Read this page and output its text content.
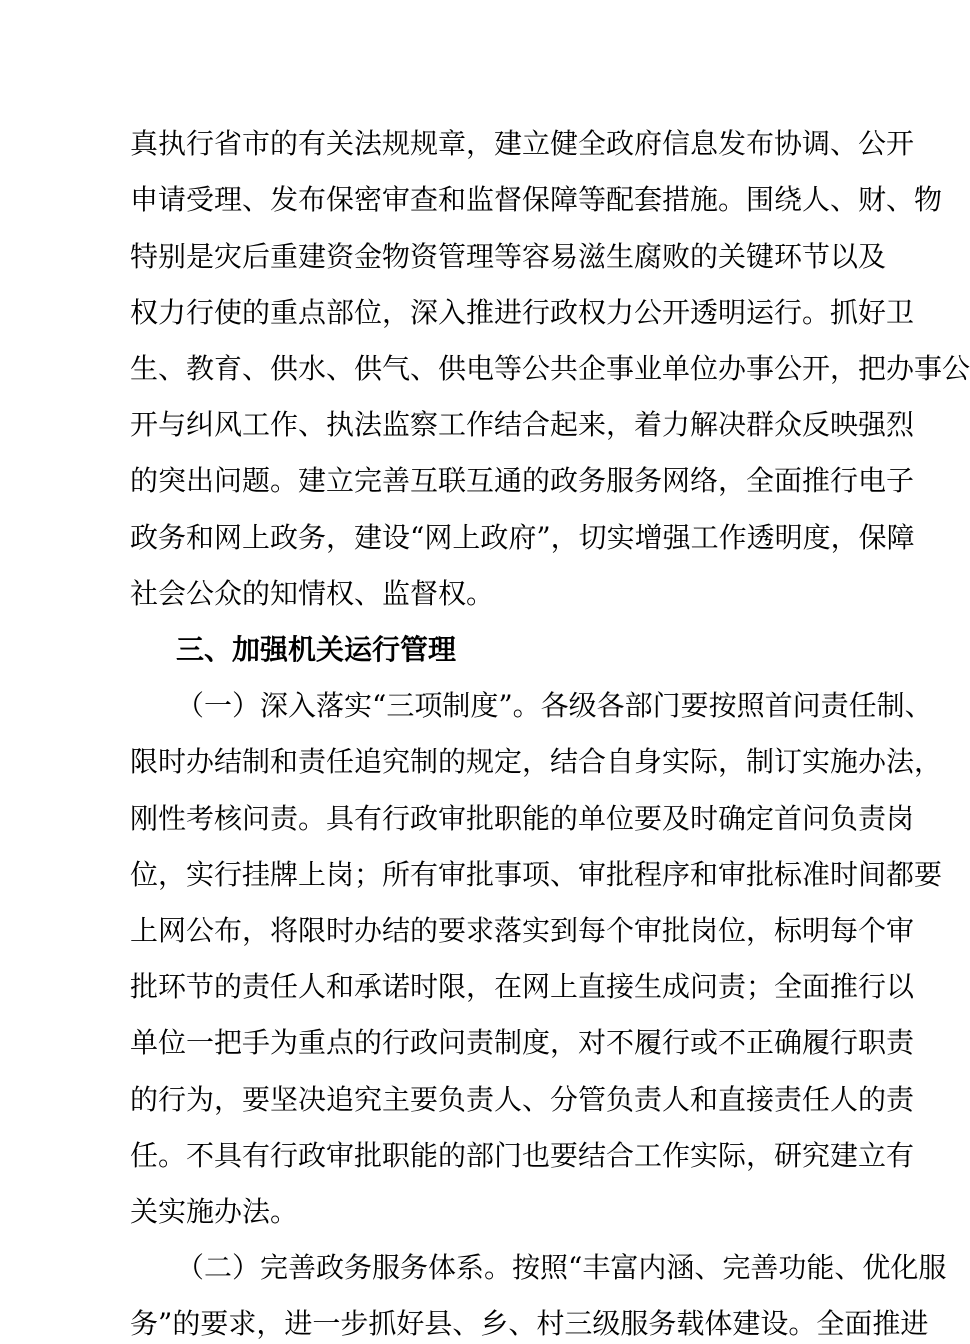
真执行省市的有关法规规章，建立健全政府信息发布协调、公开
申请受理、发布保密审查和监督保障等配套措施。围绕人、财、物
特别是灾后重建资金物资管理等容易滋生腐败的关键环节以及
权力行使的重点部位，深入推进行政权力公开透明运行。抓好卫
生、教育、供水、供气、供电等公共企事业单位办事公开，把办事公
开与纠风工作、执法监察工作结合起来，着力解决群众反映强烈
的突出问题。建立完善互联互通的政务服务网络，全面推行电子
政务和网上政务，建设“网上政府”，切实增强工作透明度，保障
社会公众的知情权、监督权。
三、加强机关运行管理
（一）深入落实“三项制度”。各级各部门要按照首问责任制、
限时办结制和责任追究制的规定，结合自身实际，制订实施办法，
刚性考核问责。具有行政审批职能的单位要及时确定首问负责岗
位，实行挂牌上岗；所有审批事项、审批程序和审批标准时间都要
上网公布，将限时办结的要求落实到每个审批岗位，标明每个审
批环节的责任人和承诺时限，在网上直接生成问责；全面推行以
单位一把手为重点的行政问责制度，对不履行或不正确履行职责
的行为，要坚决追究主要负责人、分管负责人和直接责任人的责
任。不具有行政审批职能的部门也要结合工作实际，研究建立有
关实施办法。
（二）完善政务服务体系。按照“丰富内涵、完善功能、优化服
务”的要求，进一步抓好县、乡、村三级服务载体建设。全面推进
